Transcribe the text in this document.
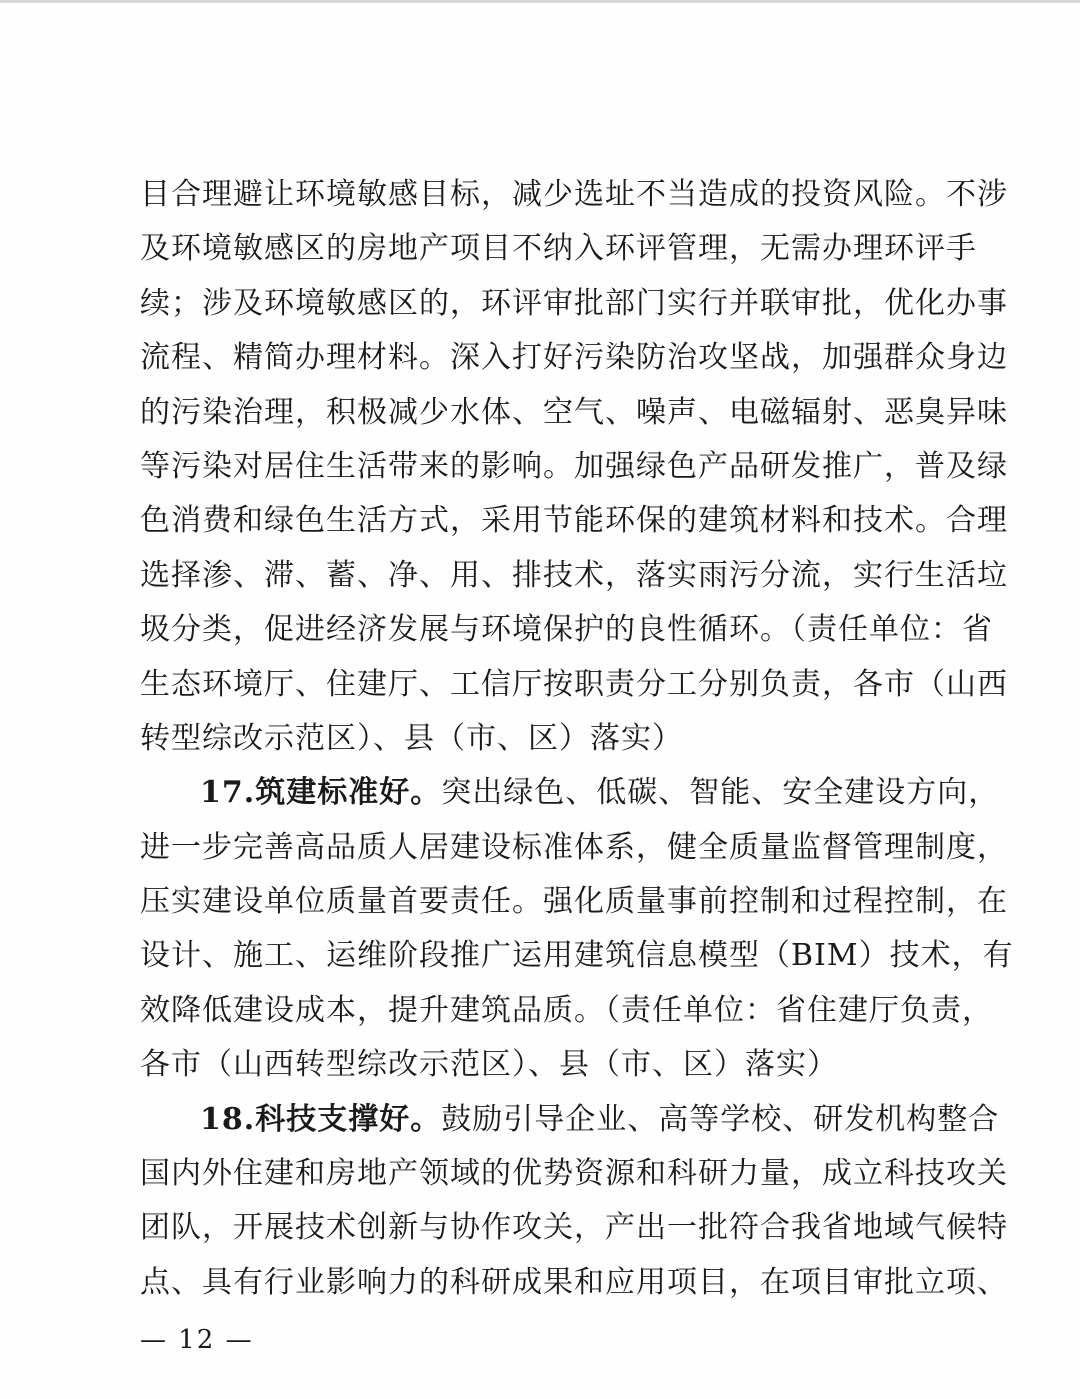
目合理避让环境敏感目标，减少选址不当造成的投资风险。不涉
及环境敏感区的房地产项目不纳入环评管理，无需办理环评手
续；涉及环境敏感区的，环评审批部门实行并联审批，优化办事
流程、精简办理材料。深入打好污染防治攻坚战，加强群众身边
的污染治理，积极减少水体、空气、噪声、电磁辐射、恶臭异味
等污染对居住生活带来的影响。加强绿色产品研发推广，普及绿
色消费和绿色生活方式，采用节能环保的建筑材料和技术。合理
选择渗、滞、蓄、净、用、排技术，落实雨污分流，实行生活垃
圾分类，促进经济发展与环境保护的良性循环。（责任单位：省
生态环境厅、住建厅、工信厅按职责分工分别负责，各市（山西
转型综改示范区）、县（市、区）落实）
17.筑建标准好。突出绿色、低碳、智能、安全建设方向，
进一步完善高品质人居建设标准体系，健全质量监督管理制度，
压实建设单位质量首要责任。强化质量事前控制和过程控制，在
设计、施工、运维阶段推广运用建筑信息模型（BIM）技术，有
效降低建设成本，提升建筑品质。（责任单位：省住建厅负责，
各市（山西转型综改示范区）、县（市、区）落实）
18.科技支撑好。鼓励引导企业、高等学校、研发机构整合
国内外住建和房地产领域的优势资源和科研力量，成立科技攻关
团队，开展技术创新与协作攻关，产出一批符合我省地域气候特
点、具有行业影响力的科研成果和应用项目，在项目审批立项、
— 12 —
